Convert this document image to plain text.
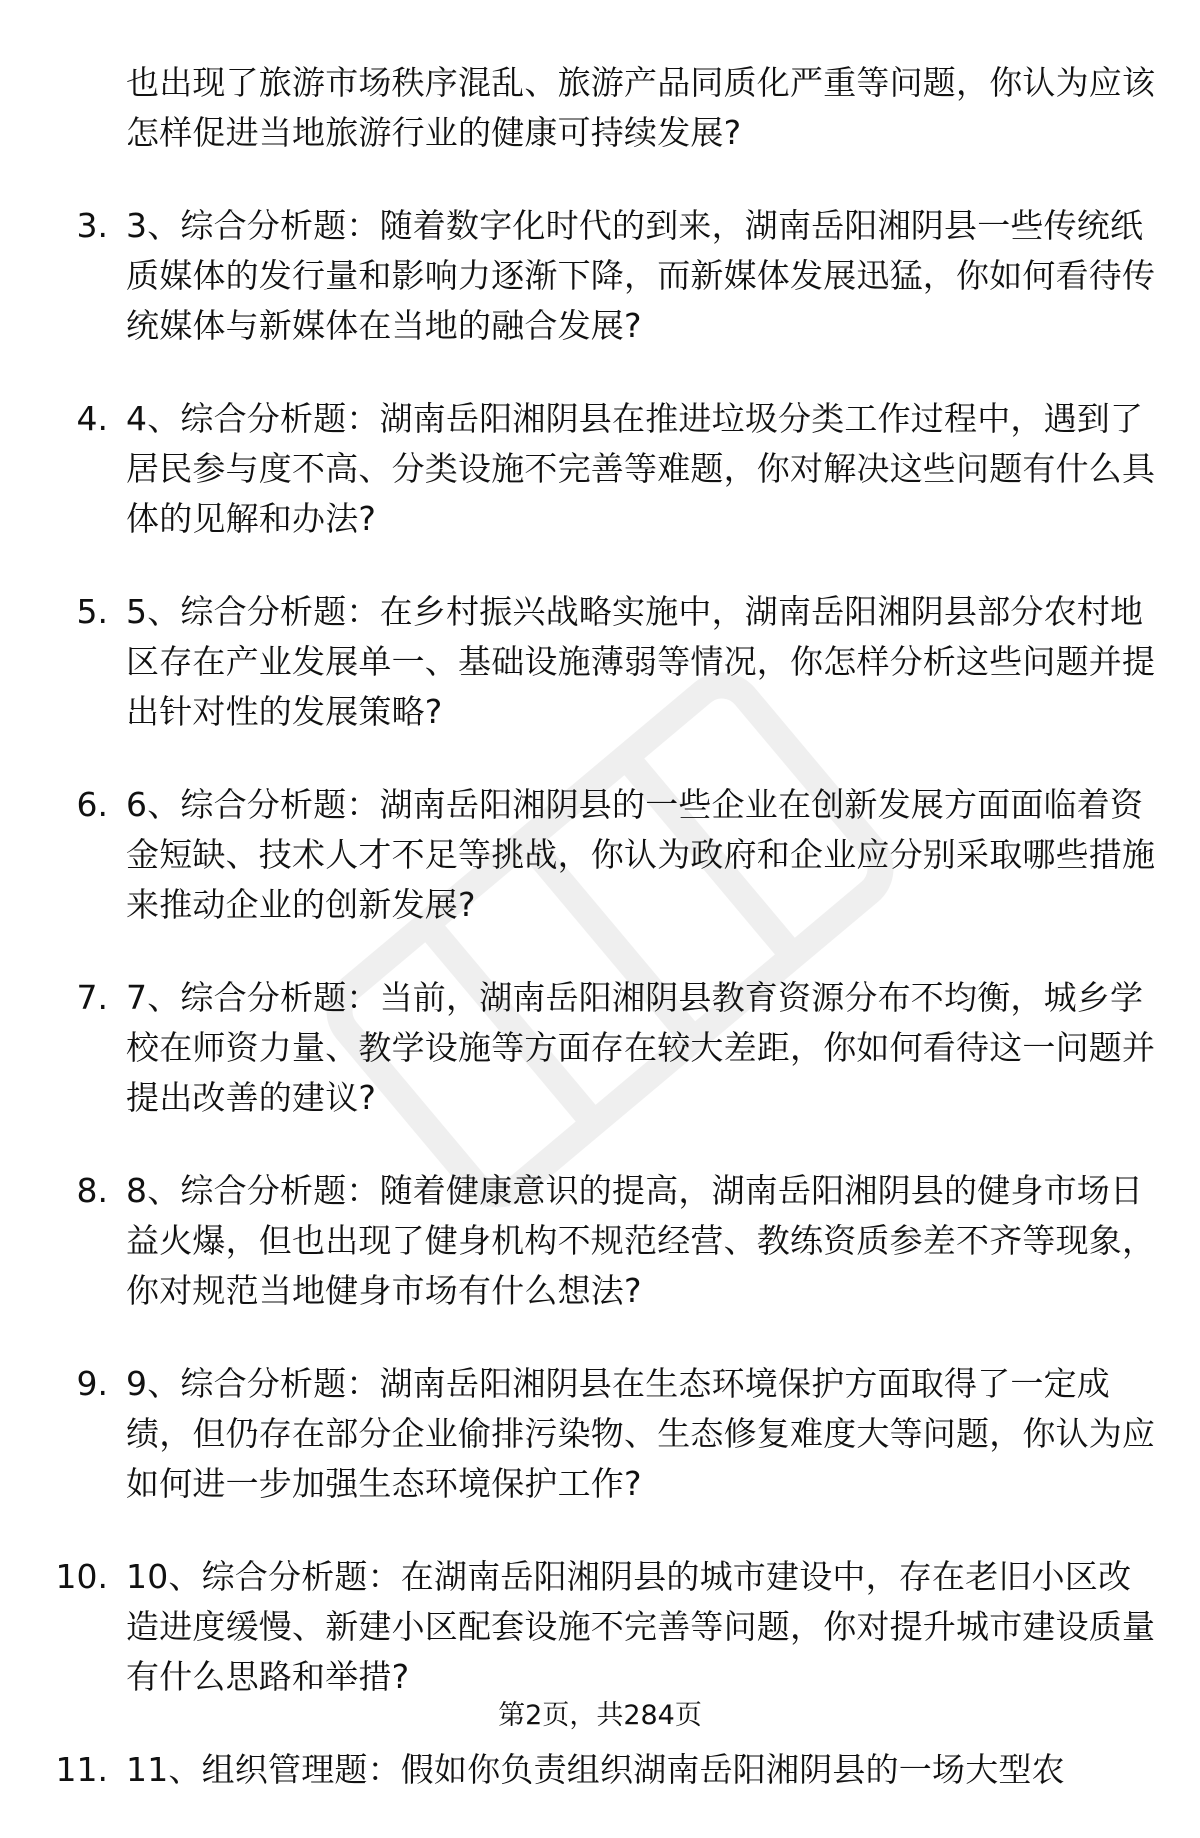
也出现了旅游市场秩序混乱、旅游产品同质化严重等问题，你认为应该怎样促进当地旅游行业的健康可持续发展?
3. 3、综合分析题：随着数字化时代的到来，湖南岳阳湘阴县一些传统纸质媒体的发行量和影响力逐渐下降，而新媒体发展迅猛，你如何看待传统媒体与新媒体在当地的融合发展?
4. 4、综合分析题：湖南岳阳湘阴县在推进垃圾分类工作过程中，遇到了居民参与度不高、分类设施不完善等难题，你对解决这些问题有什么具体的见解和办法?
5. 5、综合分析题：在乡村振兴战略实施中，湖南岳阳湘阴县部分农村地区存在产业发展单一、基础设施薄弱等情况，你怎样分析这些问题并提出针对性的发展策略?
6. 6、综合分析题：湖南岳阳湘阴县的一些企业在创新发展方面面临着资金短缺、技术人才不足等挑战，你认为政府和企业应分别采取哪些措施来推动企业的创新发展?
7. 7、综合分析题：当前，湖南岳阳湘阴县教育资源分布不均衡，城乡学校在师资力量、教学设施等方面存在较大差距，你如何看待这一问题并提出改善的建议?
8. 8、综合分析题：随着健康意识的提高，湖南岳阳湘阴县的健身市场日益火爆，但也出现了健身机构不规范经营、教练资质参差不齐等现象，你对规范当地健身市场有什么想法?
9. 9、综合分析题：湖南岳阳湘阴县在生态环境保护方面取得了一定成绩，但仍存在部分企业偷排污染物、生态修复难度大等问题，你认为应如何进一步加强生态环境保护工作?
10. 10、综合分析题：在湖南岳阳湘阴县的城市建设中，存在老旧小区改造进度缓慢、新建小区配套设施不完善等问题，你对提升城市建设质量有什么思路和举措?
11. 11、组织管理题：假如你负责组织湖南岳阳湘阴县的一场大型农
第2页，共284页
